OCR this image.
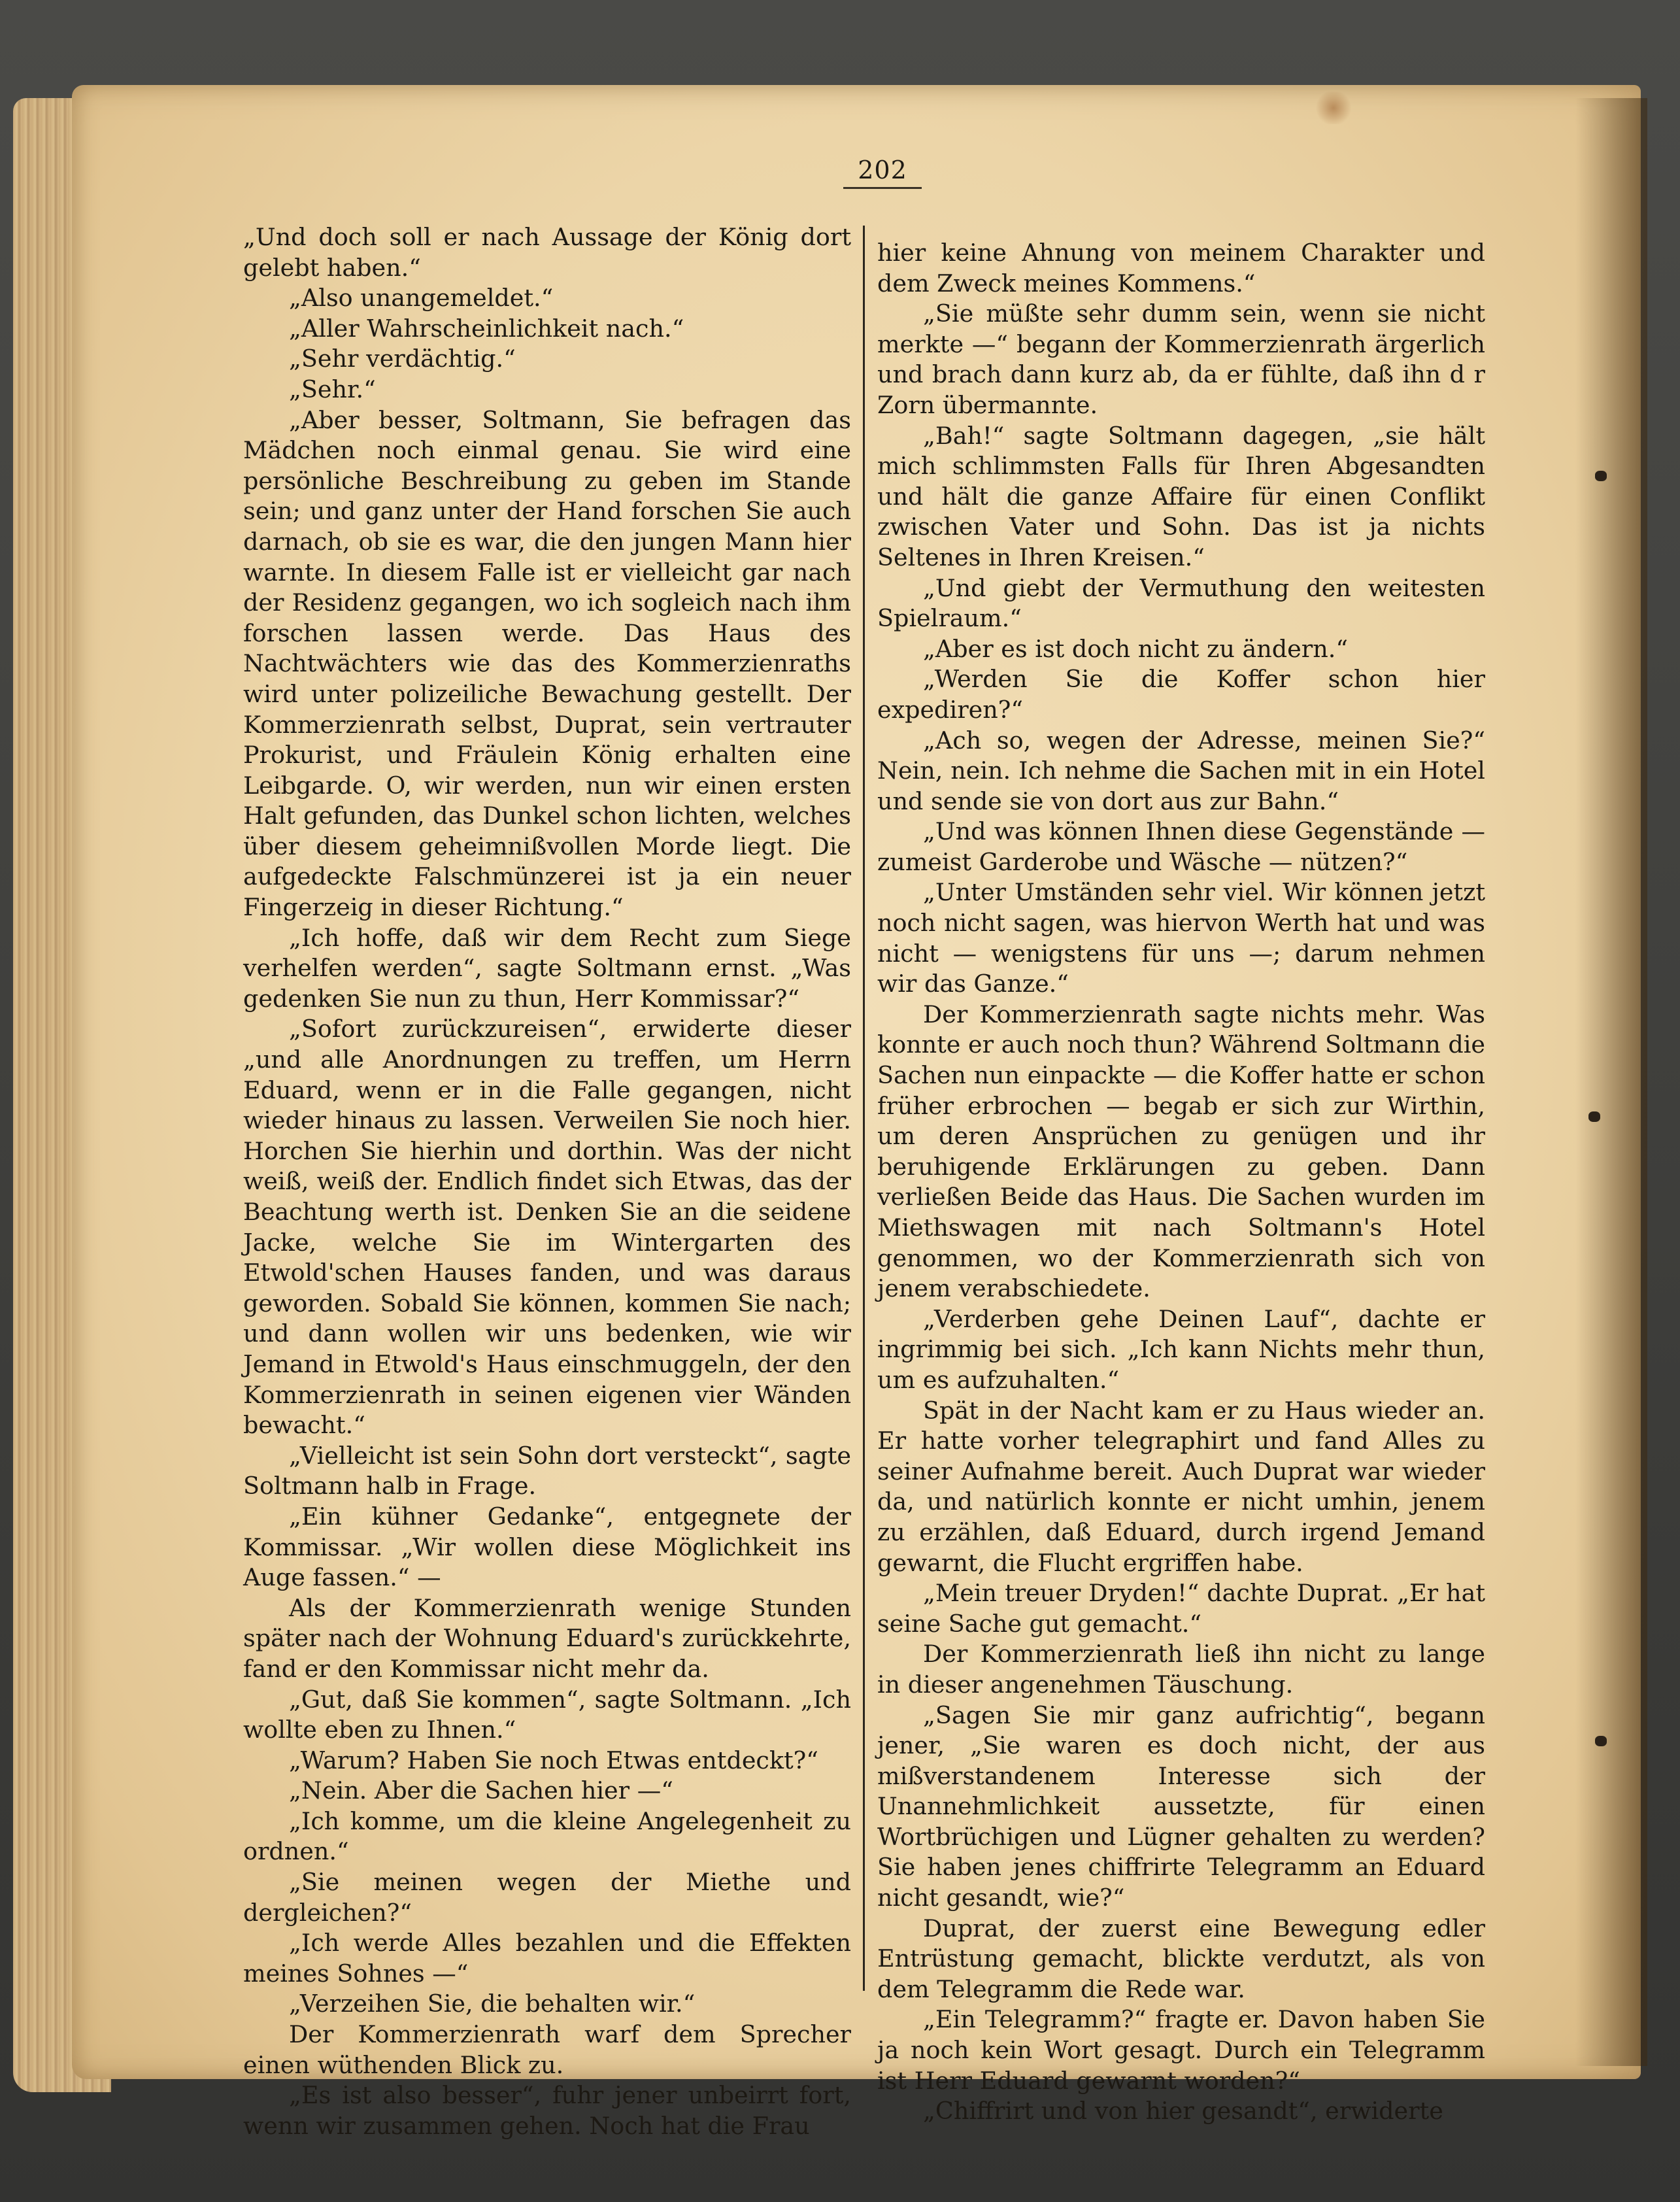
202

„Und doch soll er nach Aussage der König dort gelebt haben.“

„Also unangemeldet.“

„Aller Wahrscheinlichkeit nach.“

„Sehr verdächtig.“

„Sehr.“

„Aber besser, Soltmann, Sie befragen das Mädchen noch einmal genau. Sie wird eine persönliche Beschreibung zu geben im Stande sein; und ganz unter der Hand forschen Sie auch darnach, ob sie es war, die den jungen Mann hier warnte. In diesem Falle ist er vielleicht gar nach der Residenz gegangen, wo ich sogleich nach ihm forschen lassen werde. Das Haus des Nachtwächters wie das des Kommerzienraths wird unter polizeiliche Bewachung gestellt. Der Kommerzienrath selbst, Duprat, sein vertrauter Prokurist, und Fräulein König erhalten eine Leibgarde. O, wir werden, nun wir einen ersten Halt gefunden, das Dunkel schon lichten, welches über diesem geheimnißvollen Morde liegt. Die aufgedeckte Falschmünzerei ist ja ein neuer Fingerzeig in dieser Richtung.“

„Ich hoffe, daß wir dem Recht zum Siege verhelfen werden“, sagte Soltmann ernst. „Was gedenken Sie nun zu thun, Herr Kommissar?“

„Sofort zurückzureisen“, erwiderte dieser „und alle Anordnungen zu treffen, um Herrn Eduard, wenn er in die Falle gegangen, nicht wieder hinaus zu lassen. Verweilen Sie noch hier. Horchen Sie hierhin und dorthin. Was der nicht weiß, weiß der. Endlich findet sich Etwas, das der Beachtung werth ist. Denken Sie an die seidene Jacke, welche Sie im Wintergarten des Etwold'schen Hauses fanden, und was daraus geworden. Sobald Sie können, kommen Sie nach; und dann wollen wir uns bedenken, wie wir Jemand in Etwold's Haus einschmuggeln, der den Kommerzienrath in seinen eigenen vier Wänden bewacht.“

„Vielleicht ist sein Sohn dort versteckt“, sagte Soltmann halb in Frage.

„Ein kühner Gedanke“, entgegnete der Kommissar. „Wir wollen diese Möglichkeit ins Auge fassen.“ —

Als der Kommerzienrath wenige Stunden später nach der Wohnung Eduard's zurückkehrte, fand er den Kommissar nicht mehr da.

„Gut, daß Sie kommen“, sagte Soltmann. „Ich wollte eben zu Ihnen.“

„Warum? Haben Sie noch Etwas entdeckt?“

„Nein. Aber die Sachen hier —“

„Ich komme, um die kleine Angelegenheit zu ordnen.“

„Sie meinen wegen der Miethe und dergleichen?“

„Ich werde Alles bezahlen und die Effekten meines Sohnes —“

„Verzeihen Sie, die behalten wir.“

Der Kommerzienrath warf dem Sprecher einen wüthenden Blick zu.

„Es ist also besser“, fuhr jener unbeirrt fort, wenn wir zusammen gehen. Noch hat die Frau

hier keine Ahnung von meinem Charakter und dem Zweck meines Kommens.“

„Sie müßte sehr dumm sein, wenn sie nicht merkte —“ begann der Kommerzienrath ärgerlich und brach dann kurz ab, da er fühlte, daß ihn d r Zorn übermannte.

„Bah!“ sagte Soltmann dagegen, „sie hält mich schlimmsten Falls für Ihren Abgesandten und hält die ganze Affaire für einen Conflikt zwischen Vater und Sohn. Das ist ja nichts Seltenes in Ihren Kreisen.“

„Und giebt der Vermuthung den weitesten Spielraum.“

„Aber es ist doch nicht zu ändern.“

„Werden Sie die Koffer schon hier expediren?“

„Ach so, wegen der Adresse, meinen Sie?“ Nein, nein. Ich nehme die Sachen mit in ein Hotel und sende sie von dort aus zur Bahn.“

„Und was können Ihnen diese Gegenstände — zumeist Garderobe und Wäsche — nützen?“

„Unter Umständen sehr viel. Wir können jetzt noch nicht sagen, was hiervon Werth hat und was nicht — wenigstens für uns —; darum nehmen wir das Ganze.“

Der Kommerzienrath sagte nichts mehr. Was konnte er auch noch thun? Während Soltmann die Sachen nun einpackte — die Koffer hatte er schon früher erbrochen — begab er sich zur Wirthin, um deren Ansprüchen zu genügen und ihr beruhigende Erklärungen zu geben. Dann verließen Beide das Haus. Die Sachen wurden im Miethswagen mit nach Soltmann's Hotel genommen, wo der Kommerzienrath sich von jenem verabschiedete.

„Verderben gehe Deinen Lauf“, dachte er ingrimmig bei sich. „Ich kann Nichts mehr thun, um es aufzuhalten.“

Spät in der Nacht kam er zu Haus wieder an. Er hatte vorher telegraphirt und fand Alles zu seiner Aufnahme bereit. Auch Duprat war wieder da, und natürlich konnte er nicht umhin, jenem zu erzählen, daß Eduard, durch irgend Jemand gewarnt, die Flucht ergriffen habe.

„Mein treuer Dryden!“ dachte Duprat. „Er hat seine Sache gut gemacht.“

Der Kommerzienrath ließ ihn nicht zu lange in dieser angenehmen Täuschung.

„Sagen Sie mir ganz aufrichtig“, begann jener, „Sie waren es doch nicht, der aus mißverstandenem Interesse sich der Unannehmlichkeit aussetzte, für einen Wortbrüchigen und Lügner gehalten zu werden? Sie haben jenes chiffrirte Telegramm an Eduard nicht gesandt, wie?“

Duprat, der zuerst eine Bewegung edler Entrüstung gemacht, blickte verdutzt, als von dem Telegramm die Rede war.

„Ein Telegramm?“ fragte er. Davon haben Sie ja noch kein Wort gesagt. Durch ein Telegramm ist Herr Eduard gewarnt worden?“

„Chiffrirt und von hier gesandt“, erwiderte
